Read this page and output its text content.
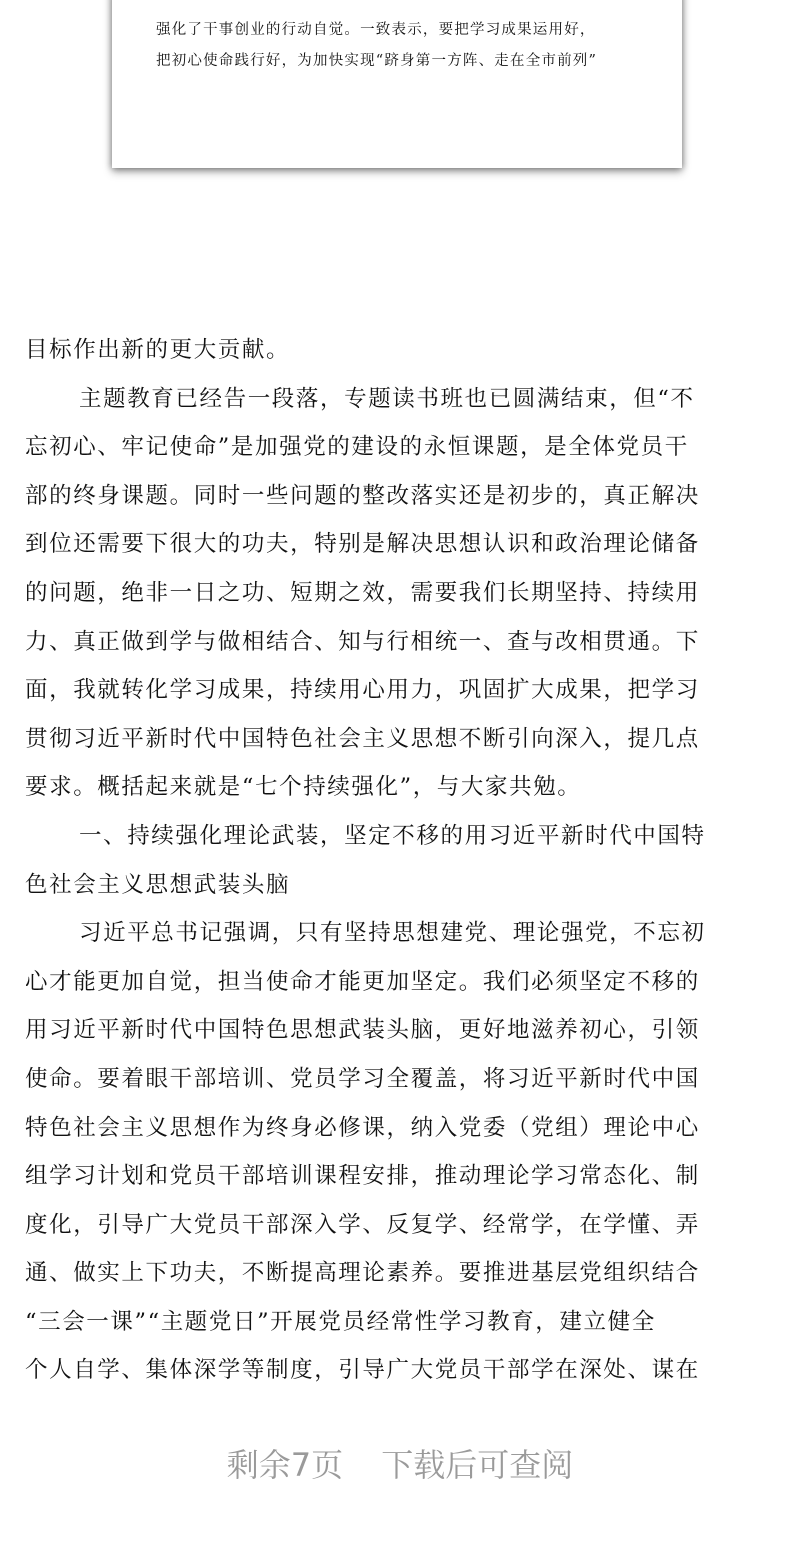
强化了干事创业的行动自觉。一致表示，要把学习成果运用好，
把初心使命践行好，为加快实现“跻身第一方阵、走在全市前列”
目标作出新的更大贡献。
主题教育已经告一段落，专题读书班也已圆满结束，但“不
忘初心、牢记使命”是加强党的建设的永恒课题，是全体党员干
部的终身课题。同时一些问题的整改落实还是初步的，真正解决
到位还需要下很大的功夫，特别是解决思想认识和政治理论储备
的问题，绝非一日之功、短期之效，需要我们长期坚持、持续用
力、真正做到学与做相结合、知与行相统一、查与改相贯通。下
面，我就转化学习成果，持续用心用力，巩固扩大成果，把学习
贯彻习近平新时代中国特色社会主义思想不断引向深入，提几点
要求。概括起来就是“七个持续强化”，与大家共勉。
一、持续强化理论武装，坚定不移的用习近平新时代中国特
色社会主义思想武装头脑
习近平总书记强调，只有坚持思想建党、理论强党，不忘初
心才能更加自觉，担当使命才能更加坚定。我们必须坚定不移的
用习近平新时代中国特色思想武装头脑，更好地滋养初心，引领
使命。要着眼干部培训、党员学习全覆盖，将习近平新时代中国
特色社会主义思想作为终身必修课，纳入党委（党组）理论中心
组学习计划和党员干部培训课程安排，推动理论学习常态化、制
度化，引导广大党员干部深入学、反复学、经常学，在学懂、弄
通、做实上下功夫，不断提高理论素养。要推进基层党组织结合
“三会一课”“主题党日”开展党员经常性学习教育，建立健全
个人自学、集体深学等制度，引导广大党员干部学在深处、谋在
剩余7页 下载后可查阅
